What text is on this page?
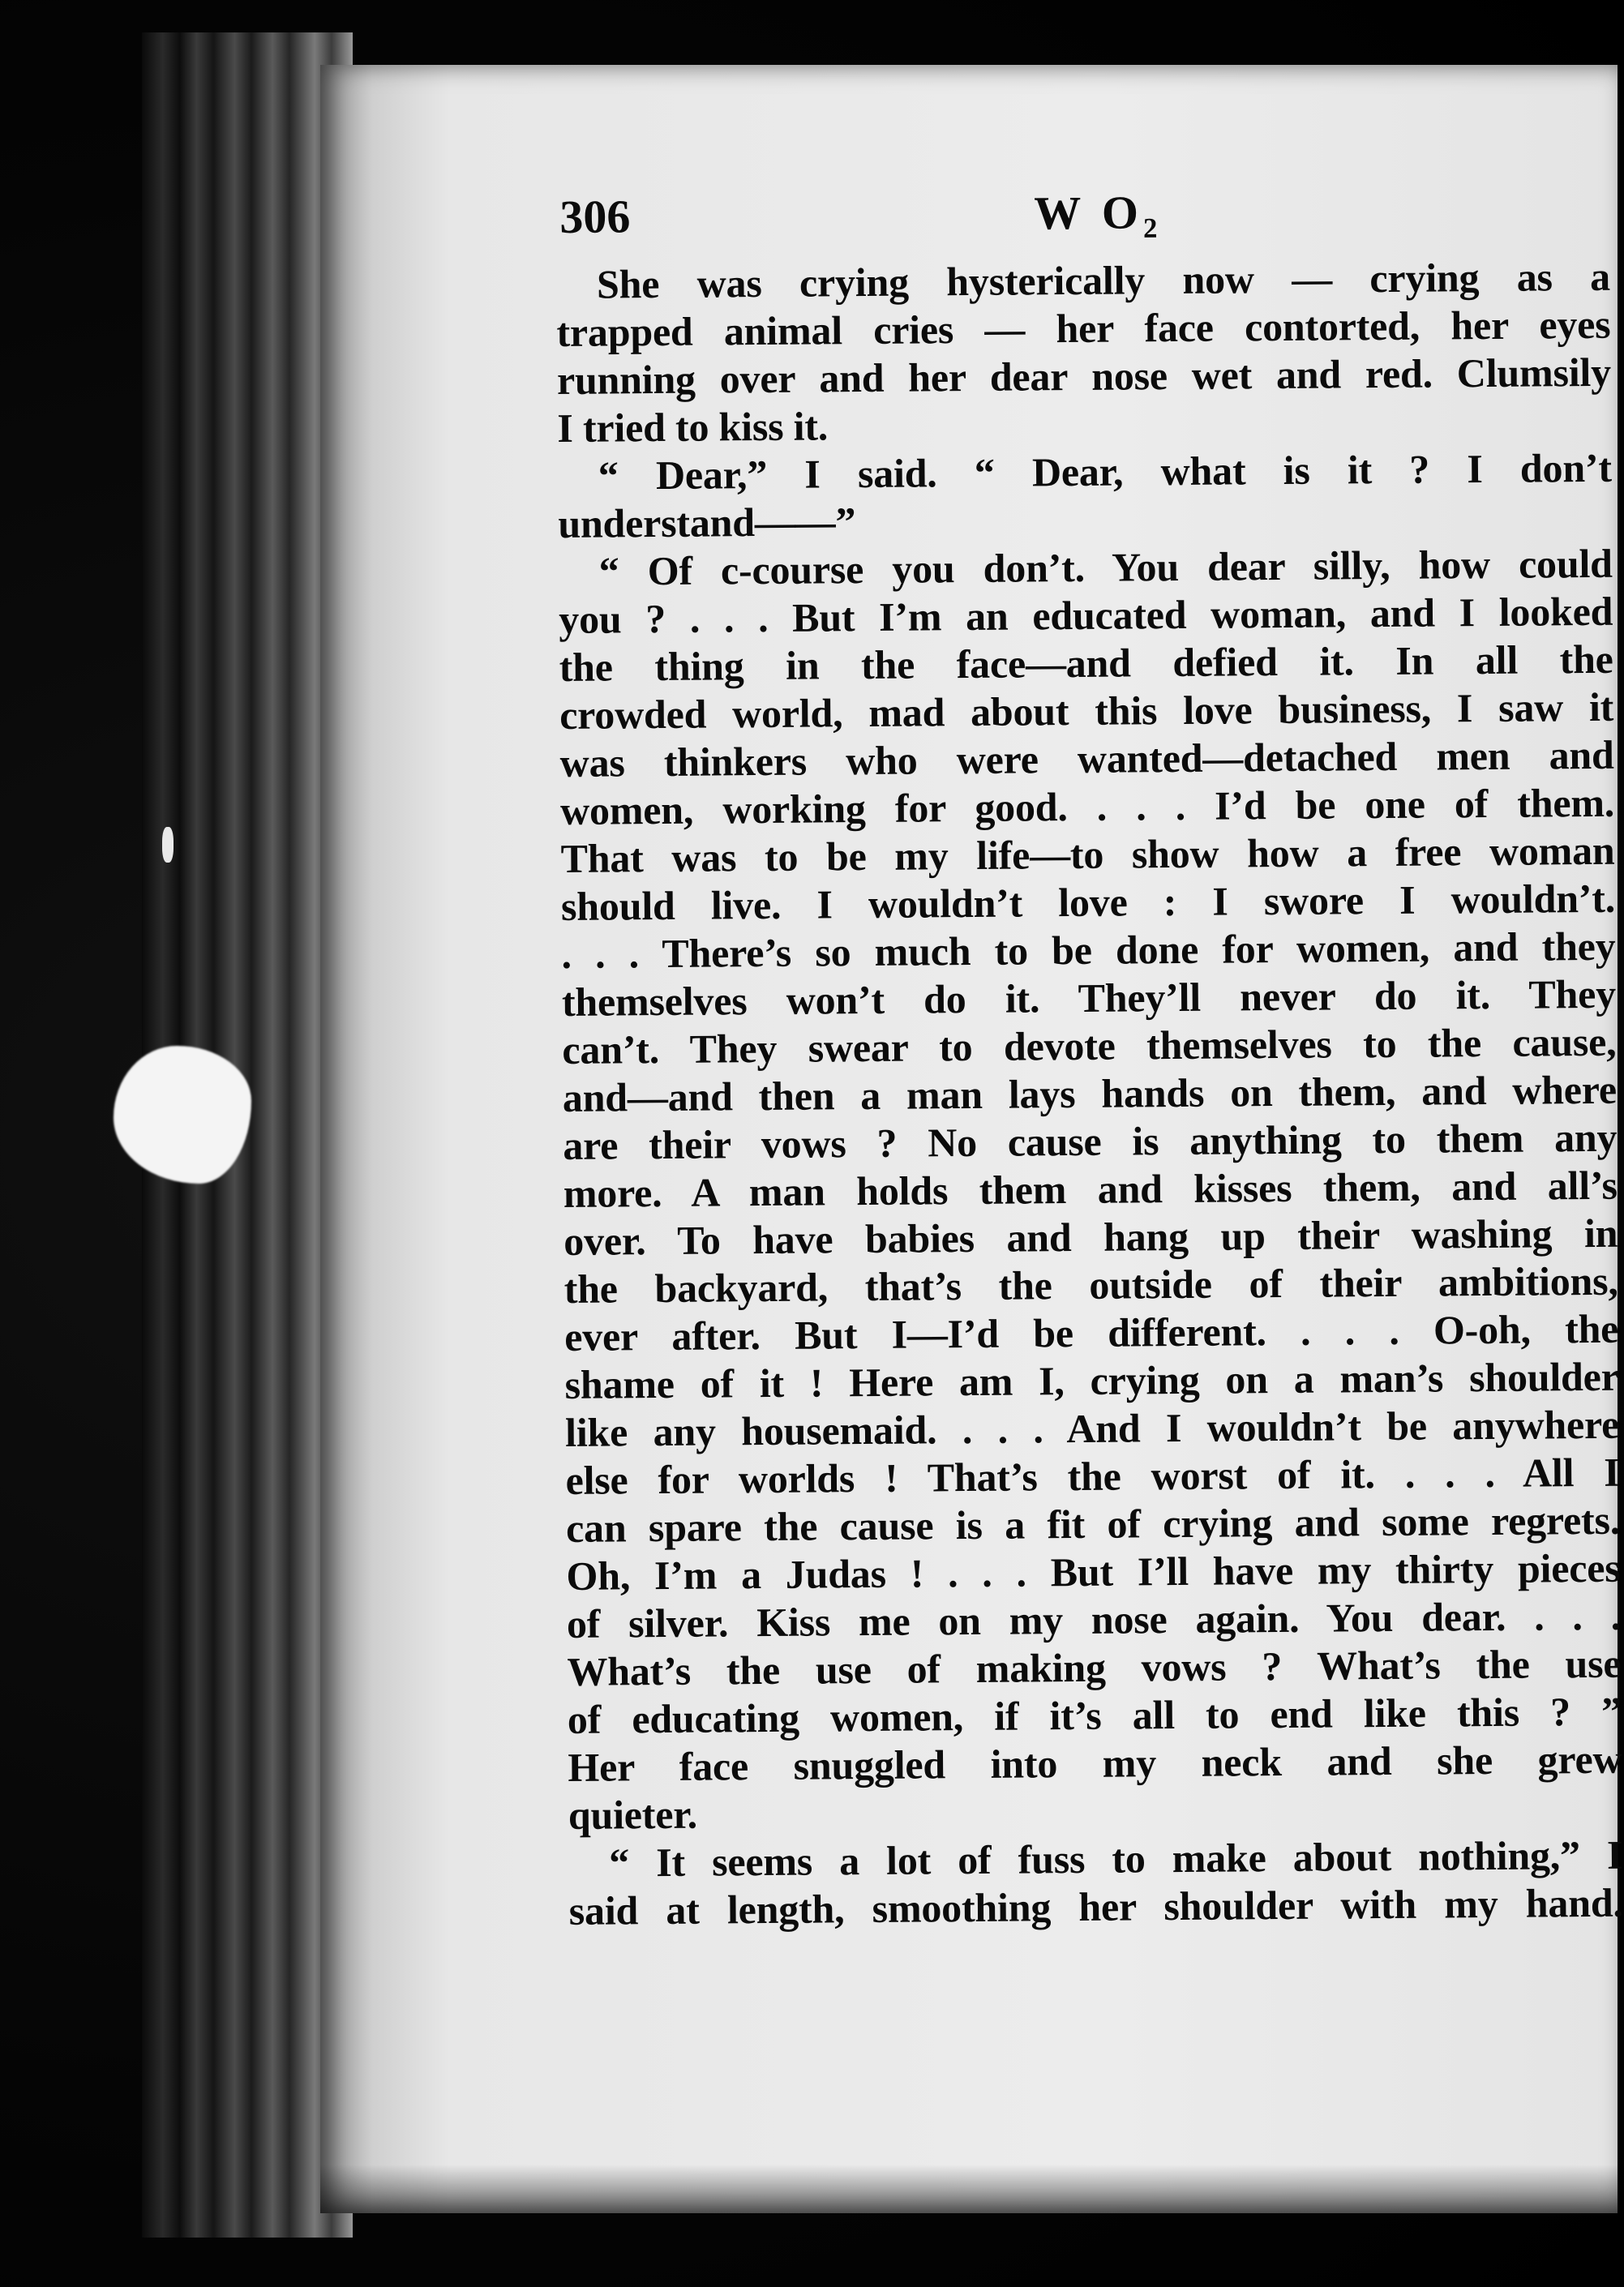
306	W O₂
She was crying hysterically now — crying as a
trapped animal cries — her face contorted, her eyes
running over and her dear nose wet and red. Clumsily
I tried to kiss it.
“ Dear,” I said. “ Dear, what is it ? I don’t
understand——”
“ Of c-course you don’t. You dear silly, how could
you ? . . . But I’m an educated woman, and I looked
the thing in the face—and defied it. In all the
crowded world, mad about this love business, I saw it
was thinkers who were wanted—detached men and
women, working for good. . . . I’d be one of them.
That was to be my life—to show how a free woman
should live. I wouldn’t love : I swore I wouldn’t.
. . . There’s so much to be done for women, and they
themselves won’t do it. They’ll never do it. They
can’t. They swear to devote themselves to the cause,
and—and then a man lays hands on them, and where
are their vows ? No cause is anything to them any
more. A man holds them and kisses them, and all’s
over. To have babies and hang up their washing in
the backyard, that’s the outside of their ambitions,
ever after. But I—I’d be different. . . . O-oh, the
shame of it ! Here am I, crying on a man’s shoulder
like any housemaid. . . . And I wouldn’t be anywhere
else for worlds ! That’s the worst of it. . . . All I
can spare the cause is a fit of crying and some regrets.
Oh, I’m a Judas ! . . . But I’ll have my thirty pieces
of silver. Kiss me on my nose again. You dear. . . .
What’s the use of making vows ? What’s the use
of educating women, if it’s all to end like this ? ”
Her face snuggled into my neck and she grew
quieter.
“ It seems a lot of fuss to make about nothing,” I
said at length, smoothing her shoulder with my hand.
